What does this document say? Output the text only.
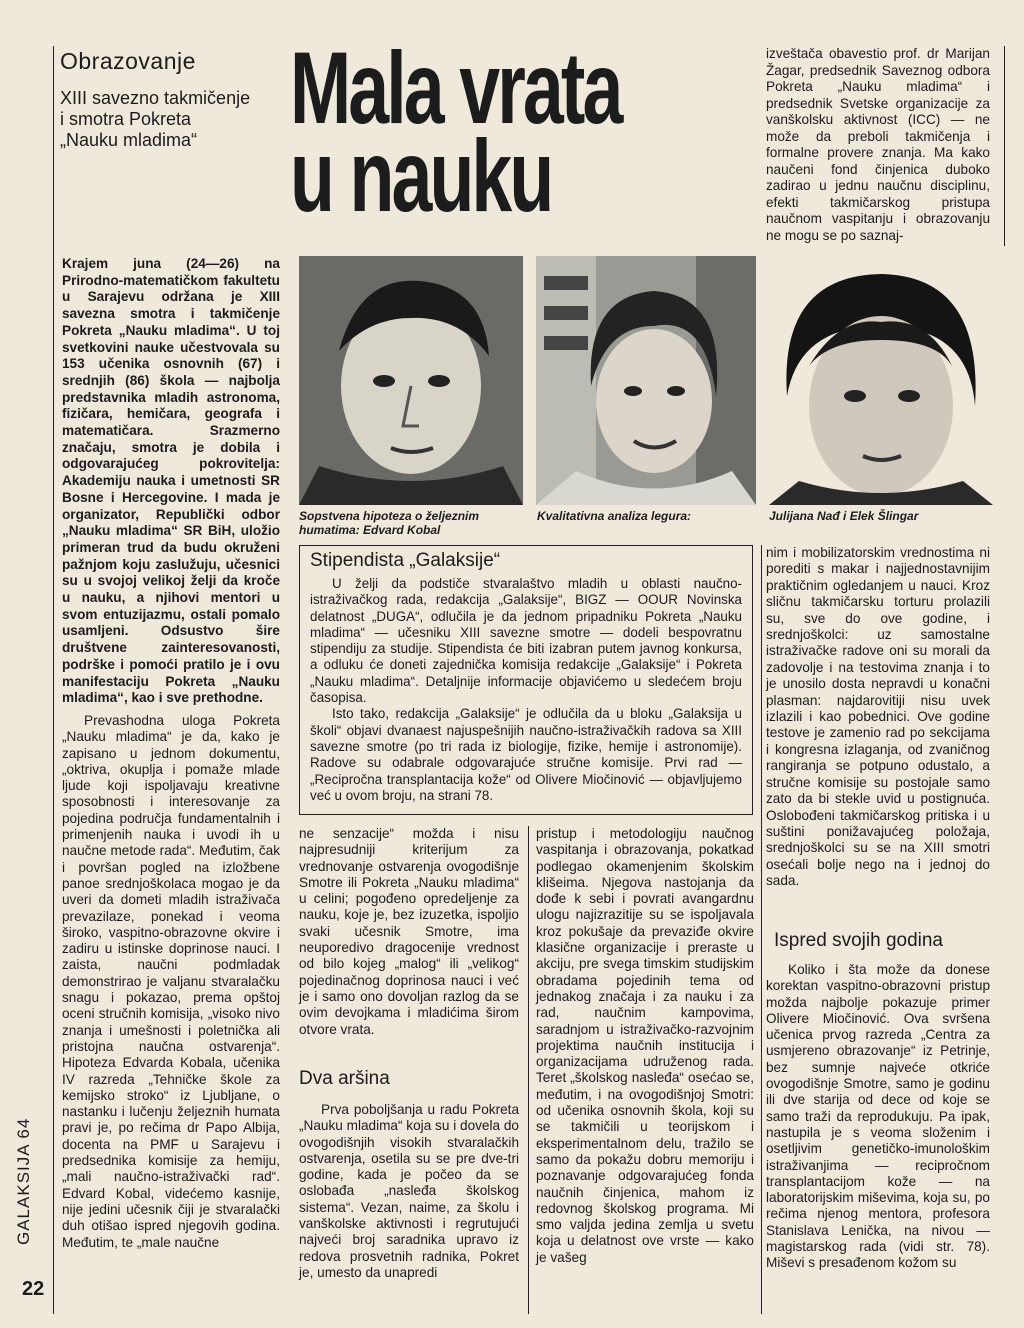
GALAKSIJA 64
22
Obrazovanje
XIII savezno takmičenje
i smotra Pokreta
„Nauku mladima“ Mala vrata
u nauku

izveštača obavestio prof. dr Marijan Žagar, predsednik Saveznog odbora Pokreta „Nauku mladima“ i predsednik Svetske organizacije za vanškolsku aktivnost (ICC) — ne može da preboli takmičenja i formalne provere znanja. Ma kako naučeni fond činjenica duboko zadirao u jednu naučnu disciplinu, efekti takmičarskog pristupa naučnom vaspitanju i obrazovanju ne mogu se po saznaj-

Sopstvena hipoteza o željeznim humatima: Edvard Kobal
Kvalitativna analiza legura:	Julijana Nađ i Elek Šlingar

Krajem juna (24—26) na Prirodno-matematičkom fakultetu u Sarajevu održana je XIII savezna smotra i takmičenje Pokreta „Nauku mladima“. U toj svetkovini nauke učestvovala su 153 učenika osnovnih (67) i srednjih (86) škola — najbolja predstavnika mladih astronoma, fizičara, hemičara, geografa i matematičara. Srazmerno značaju, smotra je dobila i odgovarajućeg pokrovitelja: Akademiju nauka i umetnosti SR Bosne i Hercegovine. I mada je organizator, Republički odbor „Nauku mladima“ SR BiH, uložio primeran trud da budu okruženi pažnjom koju zaslužuju, učesnici su u svojoj velikoj želji da kroče u nauku, a njihovi mentori u svom entuzijazmu, ostali pomalo usamljeni. Odsustvo šire društvene zainteresovanosti, podrške i pomoći pratilo je i ovu manifestaciju Pokreta „Nauku mladima“, kao i sve prethodne.

Prevashodna uloga Pokreta „Nauku mladima“ je da, kako je zapisano u jednom dokumentu, „oktriva, okuplja i pomaže mlade ljude koji ispoljavaju kreativne sposobnosti i interesovanje za pojedina područja fundamentalnih i primenjenih nauka i uvodi ih u naučne metode rada“. Međutim, čak i površan pogled na izložbene panoe srednjoškolaca mogao je da uveri da dometi mladih istraživača prevazilaze, ponekad i veoma široko, vaspitno-obrazovne okvire i zadiru u istinske doprinose nauci. I zaista, naučni podmladak demonstrirao je valjanu stvaralačku snagu i pokazao, prema opštoj oceni stručnih komisija, „visoko nivo znanja i umešnosti i poletnička ali pristojna naučna ostvarenja“. Hipoteza Edvarda Kobala, učenika IV razreda „Tehničke škole za kemijsko stroko“ iz Ljubljane, o nastanku i lučenju željeznih humata pravi je, po rečima dr Papo Albija, docenta na PMF u Sarajevu i predsednika komisije za hemiju, „mali naučno-istraživački rad“. Edvard Kobal, videćemo kasnije, nije jedini učesnik čiji je stvaralački duh otišao ispred njegovih godina. Međutim, te „male naučne

Stipendista „Galaksije“

U želji da podstiče stvaralaštvo mladih u oblasti naučno-istraživačkog rada, redakcija „Galaksije“, BIGZ — OOUR Novinska delatnost „DUGA“, odlučila je da jednom pripadniku Pokreta „Nauku mladima“ — učesniku XIII savezne smotre — dodeli bespovratnu stipendiju za studije. Stipendista će biti izabran putem javnog konkursa, a odluku će doneti zajednička komisija redakcije „Galaksije“ i Pokreta „Nauku mladima“. Detaljnije informacije objavićemo u sledećem broju časopisa.

Isto tako, redakcija „Galaksije“ je odlučila da u bloku „Galaksija u školi“ objavi dvanaest najuspešnijih naučno-istraživačkih radova sa XIII savezne smotre (po tri rada iz biologije, fizike, hemije i astronomije). Radove su odabrale odgovarajuće stručne komisije. Prvi rad — „Recipročna transplantacija kože“ od Olivere Miočinović — objavljujemo već u ovom broju, na strani 78.

nim i mobilizatorskim vrednostima ni porediti s makar i najjednostavnijim praktičnim ogledanjem u nauci. Kroz sličnu takmičarsku torturu prolazili su, sve do ove godine, i srednjoškolci: uz samostalne istraživačke radove oni su morali da zadovolje i na testovima znanja i to je unosilo dosta nepravdi u konačni plasman: najdarovitiji nisu uvek izlazili i kao pobednici. Ove godine testove je zamenio rad po sekcijama i kongresna izlaganja, od zvaničnog rangiranja se potpuno odustalo, a stručne komisije su postojale samo zato da bi stekle uvid u postignuća. Oslobođeni takmičarskog pritiska i u suštini ponižavajućeg položaja, srednjoškolci su se na XIII smotri osećali bolje nego na i jednoj do sada.

ne senzacije“ možda i nisu najpresudniji kriterijum za vrednovanje ostvarenja ovogodišnje Smotre ili Pokreta „Nauku mladima“ u celini; pogođeno opredeljenje za nauku, koje je, bez izuzetka, ispoljio svaki učesnik Smotre, ima neuporedivo dragocenije vrednost od bilo kojeg „malog“ ili „velikog“ pojedinačnog doprinosa nauci i već je i samo ono dovoljan razlog da se ovim devojkama i mladićima širom otvore vrata.

Dva aršina

Prva poboljšanja u radu Pokreta „Nauku mladima“ koja su i dovela do ovogodišnjih visokih stvaralačkih ostvarenja, osetila su se pre dve-tri godine, kada je počeo da se oslobađa „nasleđa školskog sistema“. Vezan, naime, za školu i vanškolske aktivnosti i regrutujući najveći broj saradnika upravo iz redova prosvetnih radnika, Pokret je, umesto da unapredi

pristup i metodologiju naučnog vaspitanja i obrazovanja, pokatkad podlegao okamenjenim školskim klišeima. Njegova nastojanja da dođe k sebi i povrati avangardnu ulogu najizrazitije su se ispoljavala kroz pokušaje da prevaziđe okvire klasične organizacije i preraste u akciju, pre svega timskim studijskim obradama pojedinih tema od jednakog značaja i za nauku i za rad, naučnim kampovima, saradnjom u istraživačko-razvojnim projektima naučnih institucija i organizacijama udruženog rada. Teret „školskog nasleđa“ osećao se, međutim, i na ovogodišnjoj Smotri: od učenika osnovnih škola, koji su se takmičili u teorijskom i eksperimentalnom delu, tražilo se samo da pokažu dobru memoriju i poznavanje odgovarajućeg fonda naučnih činjenica, mahom iz redovnog školskog programa. Mi smo valjda jedina zemlja u svetu koja u delatnost ove vrste — kako je vašeg

Ispred svojih godina

Koliko i šta može da donese korektan vaspitno-obrazovni pristup možda najbolje pokazuje primer Olivere Miočinović. Ova svršena učenica prvog razreda „Centra za usmjereno obrazovanje“ iz Petrinje, bez sumnje najveće otkriće ovogodišnje Smotre, samo je godinu ili dve starija od dece od koje se samo traži da reprodukuju. Pa ipak, nastupila je s veoma složenim i osetljivim genetičko-imunološkim istraživanjima — recipročnom transplantacijom kože — na laboratorijskim miševima, koja su, po rečima njenog mentora, profesora Stanislava Lenička, na nivou — magistarskog rada (vidi str. 78). Miševi s presađenom kožom su
